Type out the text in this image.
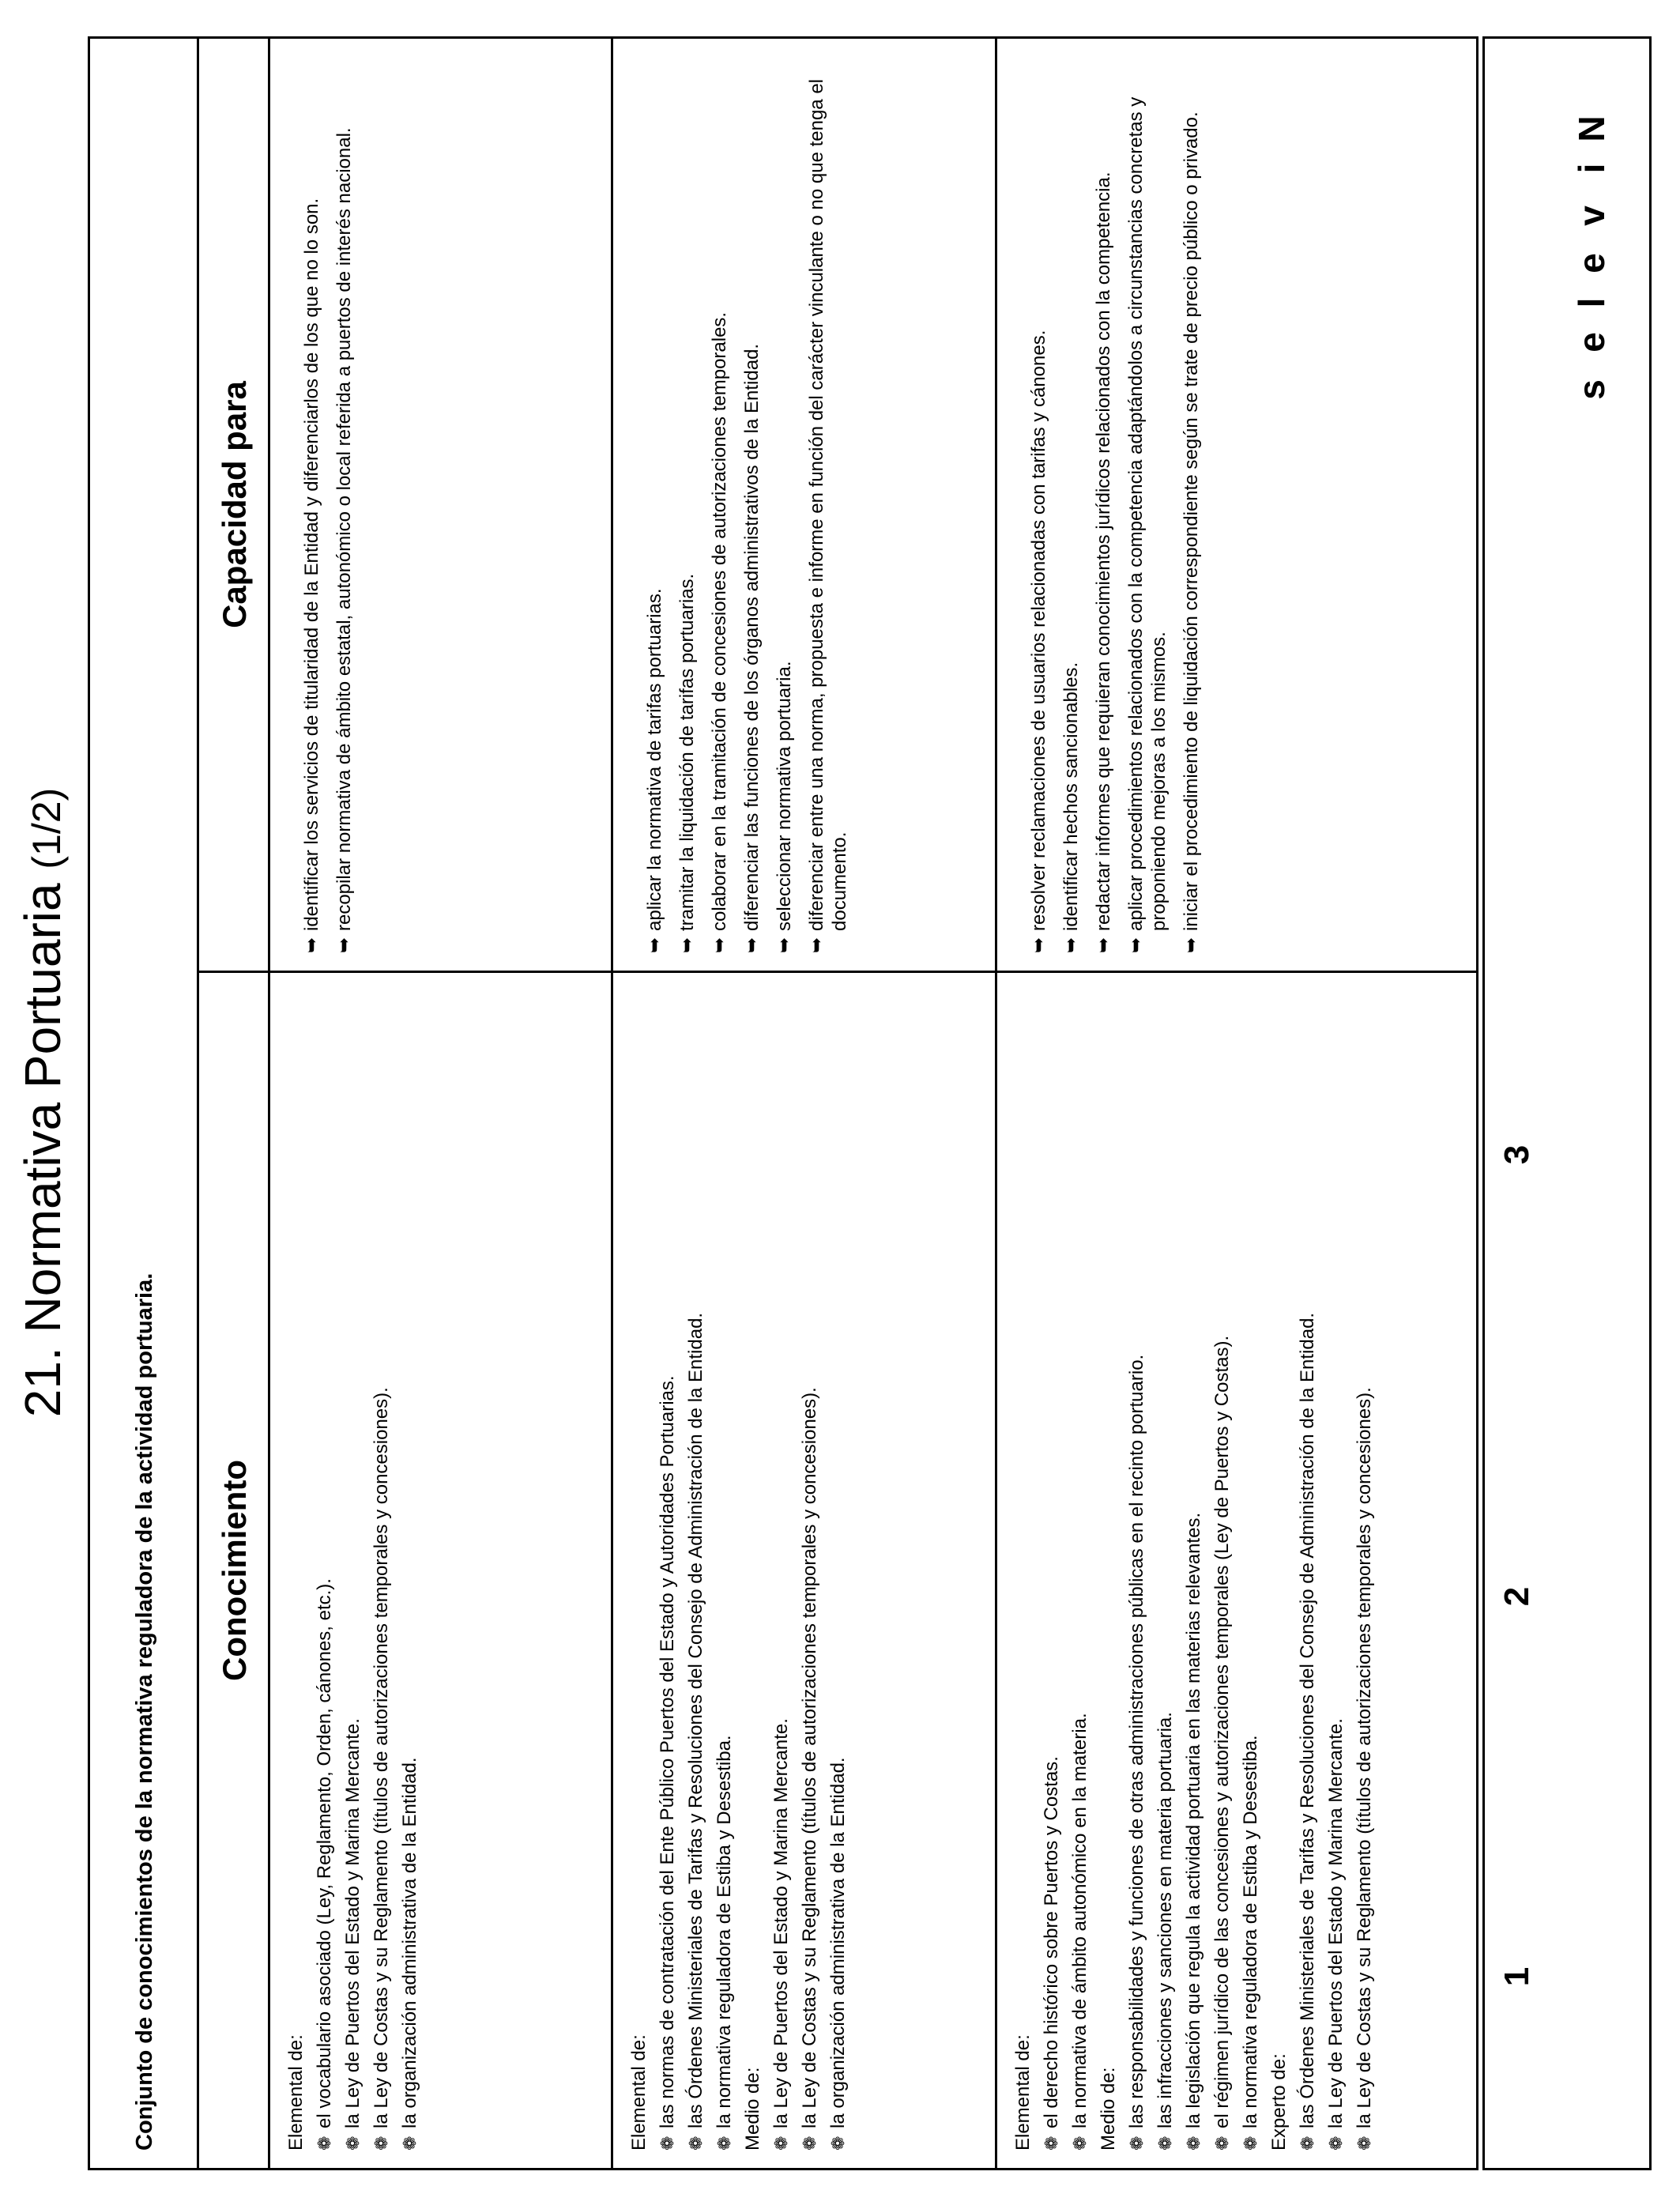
21. Normativa Portuaria (1/2)
Conjunto de conocimientos de la normativa reguladora de la actividad portuaria.	Conocimiento
Capacidad para
Elemental de: ❁
el vocabulario asociado (Ley, Reglamento, Orden, cánones, etc.).
❁
la Ley de Puertos del Estado y Marina Mercante.
❁
la Ley de Costas y su Reglamento (títulos de autorizaciones temporales y concesiones).
❁
la organización administrativa de la Entidad.
➥
identificar los servicios de titularidad de la Entidad y diferenciarlos de los que no lo son.
➥
recopilar normativa de ámbito estatal, autonómico o local referida a puertos de interés nacional.
Elemental de: ❁
las normas de contratación del Ente Público Puertos del Estado y Autoridades Portuarias.
❁
las Órdenes Ministeriales de Tarifas y Resoluciones del Consejo de Administración de la Entidad.
❁
la normativa reguladora de Estiba y Desestiba. Medio de: ❁
la Ley de Puertos del Estado y Marina Mercante.
❁
la Ley de Costas y su Reglamento (títulos de autorizaciones temporales y concesiones).
❁
la organización administrativa de la Entidad.
➥
aplicar la normativa de tarifas portuarias.
➥
tramitar la liquidación de tarifas portuarias.
➥
colaborar en la tramitación de concesiones de autorizaciones temporales.
➥
diferenciar las funciones de los órganos administrativos de la Entidad.
➥
seleccionar normativa portuaria.
➥
diferenciar entre una norma, propuesta e informe en función del carácter vinculante o no que tenga el documento.
Elemental de: ❁
el derecho histórico sobre Puertos y Costas.
❁
la normativa de ámbito autonómico en la materia. Medio de: ❁
las responsabilidades y funciones de otras administraciones públicas en el recinto portuario.
❁
las infracciones y sanciones en materia portuaria.
❁
la legislación que regula la actividad portuaria en las materias relevantes.
❁
el régimen jurídico de las concesiones y autorizaciones temporales (Ley de Puertos y Costas).
❁
la normativa reguladora de Estiba y Desestiba. Experto de: ❁
las Órdenes Ministeriales de Tarifas y Resoluciones del Consejo de Administración de la Entidad.
❁
la Ley de Puertos del Estado y Marina Mercante.
❁
la Ley de Costas y su Reglamento (títulos de autorizaciones temporales y concesiones).
➥
resolver reclamaciones de usuarios relacionadas con tarifas y cánones.
➥
identificar hechos sancionables.
➥
redactar informes que requieran conocimientos jurídicos relacionados con la competencia.
➥
aplicar procedimientos relacionados con la competencia adaptándolos a circunstancias concretas y proponiendo mejoras a los mismos.
➥
iniciar el procedimiento de liquidación correspondiente según se trate de precio público o privado.	N
i
v
e
l
e
s
1
2
3
